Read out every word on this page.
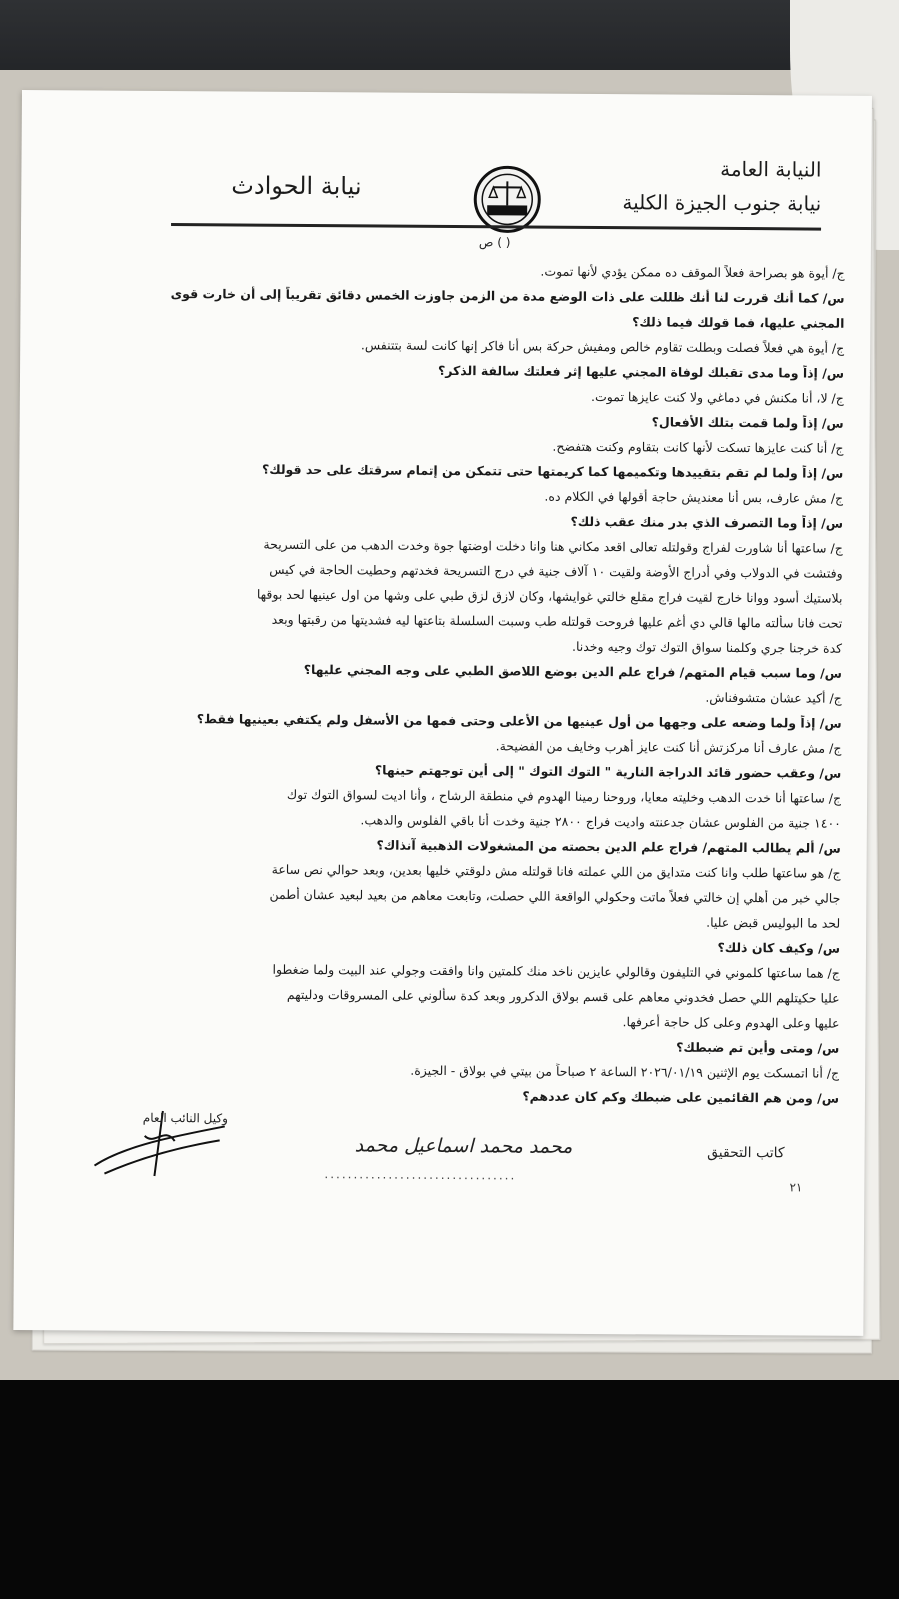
نيابة الحوادث
النيابة العامة
نيابة جنوب الجيزة الكلية
ص ( )
ج/ أيوة هو بصراحة فعلاً الموقف ده ممكن يؤدي لأنها تموت.
س/ كما أنك قررت لنا أنك ظللت على ذات الوضع مدة من الزمن جاوزت الخمس دقائق تقريباً إلى أن خارت قوى
المجني عليها، فما قولك فيما ذلك؟
ج/ أيوة هي فعلاً فصلت وبطلت تقاوم خالص ومفيش حركة بس أنا فاكر إنها كانت لسة بتتنفس.
س/ إذاً وما مدى تقبلك لوفاة المجني عليها إثر فعلتك سالفة الذكر؟
ج/ لا، أنا مكنش في دماغي ولا كنت عايزها تموت.
س/ إذاً ولما قمت بتلك الأفعال؟
ج/ أنا كنت عايزها تسكت لأنها كانت بتقاوم وكنت هتفضح.
س/ إذاً ولما لم تقم بتقييدها وتكميمها كما كريمتها حتى تتمكن من إتمام سرقتك على حد قولك؟
ج/ مش عارف، بس أنا معنديش حاجة أقولها في الكلام ده.
س/ إذاً وما التصرف الذي بدر منك عقب ذلك؟
ج/ ساعتها أنا شاورت لفراج وقولتله تعالى اقعد مكاني هنا وانا دخلت اوضتها جوة وخدت الدهب من على التسريحة
وفتشت في الدولاب وفي أدراج الأوضة ولقيت ١٠ آلاف جنية في درج التسريحة فخدتهم وحطيت الحاجة في كيس
بلاستيك أسود ووانا خارج لقيت فراج مقلع خالتي غوايشها، وكان لازق لزق طبي على وشها من اول عينيها لحد بوقها
تحت فانا سألته مالها قالي دي أغم عليها فروحت قولتله طب وسبت السلسلة بتاعتها ليه فشديتها من رقبتها وبعد
كدة خرجنا جري وكلمنا سواق التوك توك وجيه وخدنا.
س/ وما سبب قيام المتهم/ فراج علم الدين بوضع اللاصق الطبي على وجه المجني عليها؟
ج/ أكيد عشان متشوفناش.
س/ إذاً ولما وضعه على وجهها من أول عينيها من الأعلى وحتى فمها من الأسفل ولم يكتفي بعينيها فقط؟
ج/ مش عارف أنا مركزتش أنا كنت عايز أهرب وخايف من الفضيحة.
س/ وعقب حضور قائد الدراجة النارية " التوك التوك " إلى أين توجهتم حينها؟
ج/ ساعتها أنا خدت الدهب وخليته معايا، وروحنا رمينا الهدوم في منطقة الرشاح ، وأنا اديت لسواق التوك توك
١٤٠٠ جنية من الفلوس عشان جدعنته واديت فراج ٢٨٠٠ جنية وخدت أنا باقي الفلوس والدهب.
س/ ألم يطالب المتهم/ فراج علم الدين بحصته من المشغولات الذهبية آنذاك؟
ج/ هو ساعتها طلب وانا كنت متدايق من اللي عملته فانا قولتله مش دلوقتي خليها بعدين، وبعد حوالي نص ساعة
جالي خبر من أهلي إن خالتي فعلاً ماتت وحكولي الواقعة اللي حصلت، وتابعت معاهم من بعيد لبعيد عشان أطمن
لحد ما البوليس قبض عليا.
س/ وكيف كان ذلك؟
ج/ هما ساعتها كلموني في التليفون وقالولي عايزين ناخد منك كلمتين وانا وافقت وجولي عند البيت ولما ضغطوا
عليا حكيتلهم اللي حصل فخدوني معاهم على قسم بولاق الدكرور وبعد كدة سألوني على المسروقات ودليتهم
عليها وعلى الهدوم وعلى كل حاجة أعرفها.
س/ ومتى وأين تم ضبطك؟
ج/ أنا اتمسكت يوم الإثنين ٢٠٢٦/٠١/١٩ الساعة ٢ صباحاً من بيتي في بولاق - الجيزة.
س/ ومن هم القائمين على ضبطك وكم كان عددهم؟
وكيل النائب العام
محمد محمد اسماعيل محمد
.................................
كاتب التحقيق
٢١
